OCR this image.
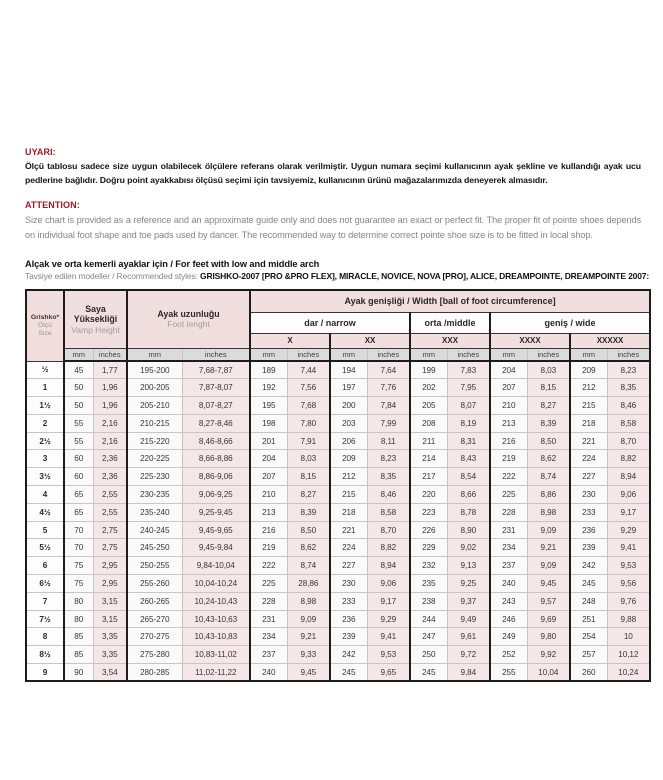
UYARI:

Ölçü tablosu sadece size uygun olabilecek ölçülere referans olarak verilmiştir. Uygun numara seçimi kullanıcının ayak şekline ve kullandığı ayak ucu pedlerine bağlıdır. Doğru point ayakkabısı ölçüsü seçimi için tavsiyemiz, kullanıcının ürünü mağazalarımızda deneyerek almasıdır.

ATTENTION:

Size chart is provided as a reference and an approximate guide only and does not guarantee an exact or perfect fit. The proper fit of pointe shoes depends on individual foot shape and toe pads used by dancer. The recommended way to determine correct pointe shoe size is to be fitted in local shop.

Alçak ve orta kemerli ayaklar için / For feet with low and middle arch

Tavsiye edilen modeller / Recommended styles: GRISHKO-2007 [PRO &PRO FLEX], MIRACLE, NOVICE, NOVA [PRO], ALICE, DREAMPOINTE, DREAMPOINTE 2007:

Grishko*
Ölçü
Size

Saya Yüksekliği
Vamp Height

Ayak uzunluğu
Foot lenght
	Ayak genişliği / Width [ball of foot circumference]
					dar / narrow				orta /middle		geniş / wide			
					X		XX		XXX		XXXX		XXXXX	
	mm	inches	mm	inches	mm	inches	mm	inches	mm	inches	mm	inches	mm	inches
½	45	1,77	195-200	7,68-7,87	189	7,44	194	7,64	199	7,83	204	8,03	209	8,23
1	50	1,96	200-205	7,87-8,07	192	7,56	197	7,76	202	7,95	207	8,15	212	8,35
1½	50	1,96	205-210	8,07-8,27	195	7,68	200	7,84	205	8,07	210	8,27	215	8,46
2	55	2,16	210-215	8,27-8,46	198	7,80	203	7,99	208	8,19	213	8,39	218	8,58
2½	55	2,16	215-220	8,46-8,66	201	7,91	206	8,11	211	8,31	216	8,50	221	8,70
3	60	2,36	220-225	8,66-8,86	204	8,03	209	8,23	214	8,43	219	8,62	224	8,82
3½	60	2,36	225-230	8,86-9,06	207	8,15	212	8,35	217	8,54	222	8,74	227	8,94
4	65	2,55	230-235	9,06-9,25	210	8,27	215	8,46	220	8,66	225	8,86	230	9,06
4½	65	2,55	235-240	9,25-9,45	213	8,39	218	8,58	223	8,78	228	8,98	233	9,17
5	70	2,75	240-245	9,45-9,65	216	8,50	221	8,70	226	8,90	231	9,09	236	9,29
5½	70	2,75	245-250	9,45-9,84	219	8,62	224	8,82	229	9,02	234	9,21	239	9,41
6	75	2,95	250-255	9,84-10,04	222	8,74	227	8,94	232	9,13	237	9,09	242	9,53
6½	75	2,95	255-260	10,04-10,24	225	28,86	230	9,06	235	9,25	240	9,45	245	9,56
7	80	3,15	260-265	10,24-10,43	228	8,98	233	9,17	238	9,37	243	9,57	248	9,76
7½	80	3,15	265-270	10,43-10,63	231	9,09	236	9,29	244	9,49	246	9,69	251	9,88
8	85	3,35	270-275	10,43-10,83	234	9,21	239	9,41	247	9,61	249	9,80	254	10
8½	85	3,35	275-280	10,83-11,02	237	9,33	242	9,53	250	9,72	252	9,92	257	10,12
9	90	3,54	280-285	11,02-11,22	240	9,45	245	9,65	245	9,84	255	10,04	260	10,24
